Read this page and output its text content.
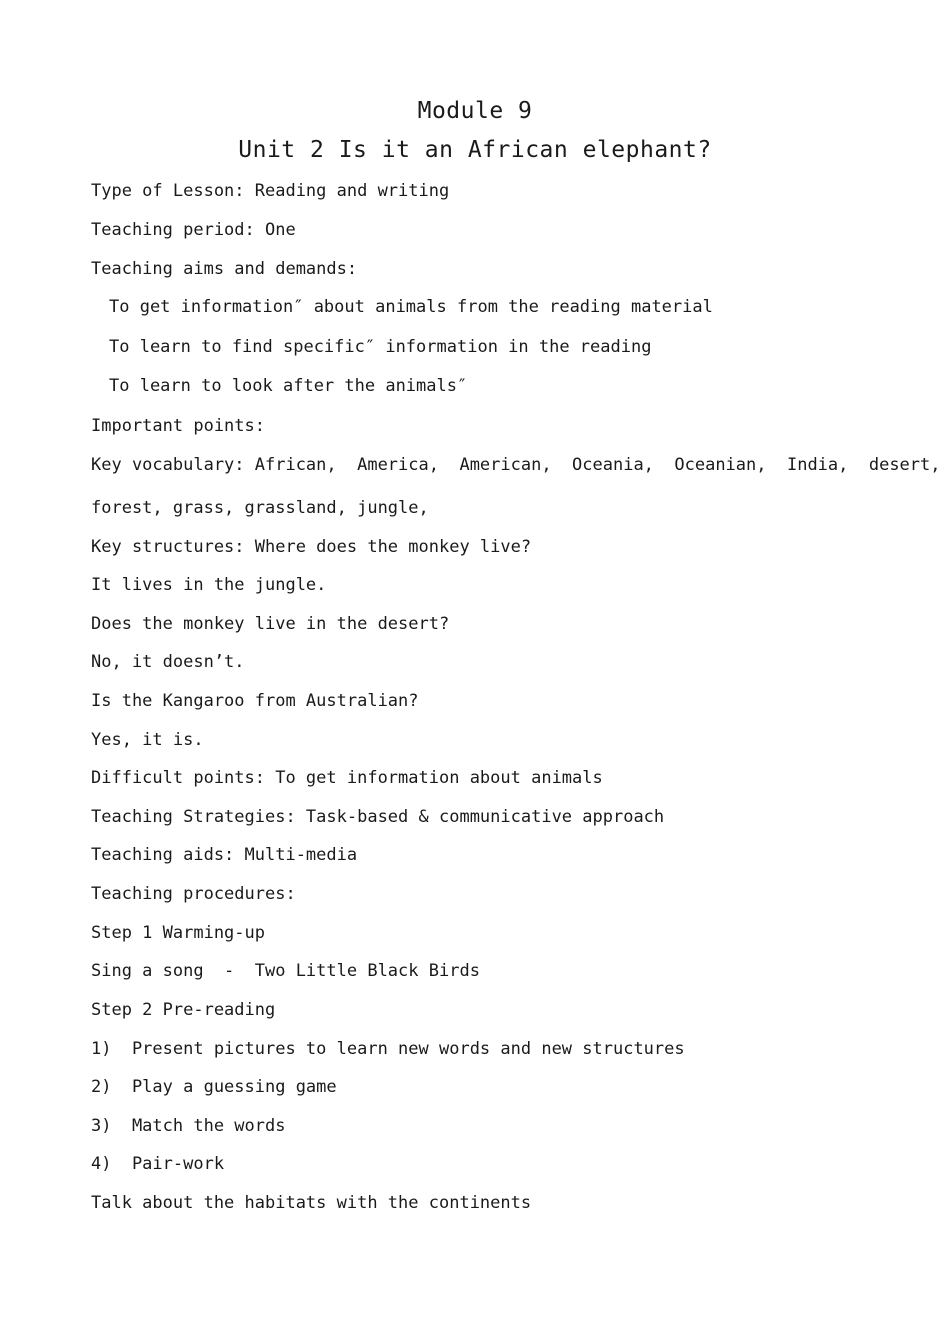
Module 9
Unit 2 Is it an African elephant?
Type of Lesson: Reading and writing
Teaching period: One
Teaching aims and demands:
To get information″ about animals from the reading material
To learn to find specific″ information in the reading
To learn to look after the animals″
Important points:
Key vocabulary: African,  America,  American,  Oceania,  Oceanian,  India,  desert,
forest, grass, grassland, jungle,
Key structures: Where does the monkey live?
It lives in the jungle.
Does the monkey live in the desert?
No, it doesn’t.
Is the Kangaroo from Australian?
Yes, it is.
Difficult points: To get information about animals
Teaching Strategies: Task-based & communicative approach
Teaching aids: Multi-media
Teaching procedures:
Step 1 Warming-up
Sing a song  -  Two Little Black Birds
Step 2 Pre-reading
1)  Present pictures to learn new words and new structures
2)  Play a guessing game
3)  Match the words
4)  Pair-work
Talk about the habitats with the continents
